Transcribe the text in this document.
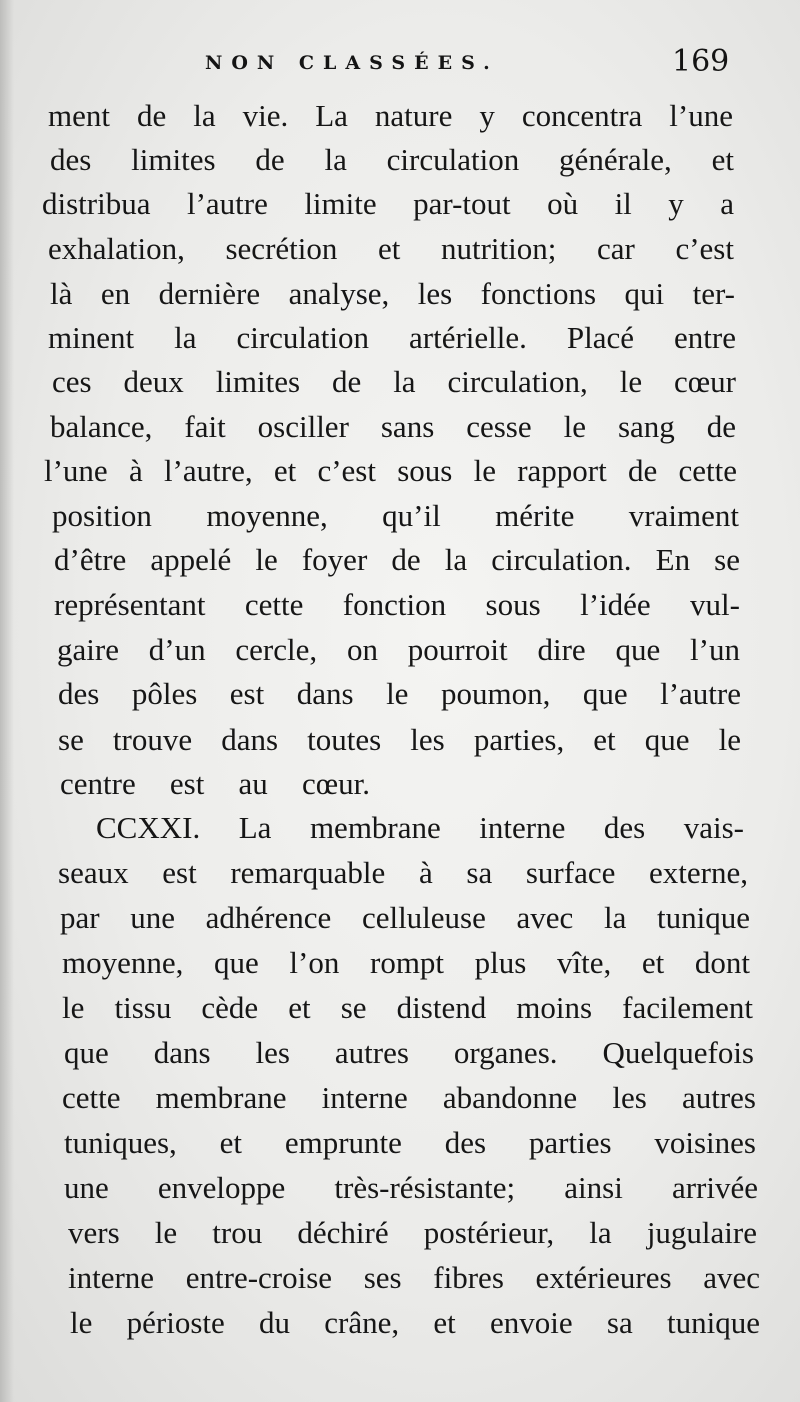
NON CLASSÉES.	169
ment de la vie. La nature y concentra l’une
des limites de la circulation générale, et
distribua l’autre limite par-tout où il y a
exhalation, secrétion et nutrition; car c’est
là en dernière analyse, les fonctions qui ter-
minent la circulation artérielle. Placé entre
ces deux limites de la circulation, le cœur
balance, fait osciller sans cesse le sang de
l’une à l’autre, et c’est sous le rapport de cette
position moyenne, qu’il mérite vraiment
d’être appelé le foyer de la circulation. En se
représentant cette fonction sous l’idée vul-
gaire d’un cercle, on pourroit dire que l’un
des pôles est dans le poumon, que l’autre
se trouve dans toutes les parties, et que le
centre est au cœur.
CCXXI. La membrane interne des vais-
seaux est remarquable à sa surface externe,
par une adhérence celluleuse avec la tunique
moyenne, que l’on rompt plus vîte, et dont
le tissu cède et se distend moins facilement
que dans les autres organes. Quelquefois
cette membrane interne abandonne les autres
tuniques, et emprunte des parties voisines
une enveloppe très-résistante; ainsi arrivée
vers le trou déchiré postérieur, la jugulaire
interne entre-croise ses fibres extérieures avec
le périoste du crâne, et envoie sa tunique
